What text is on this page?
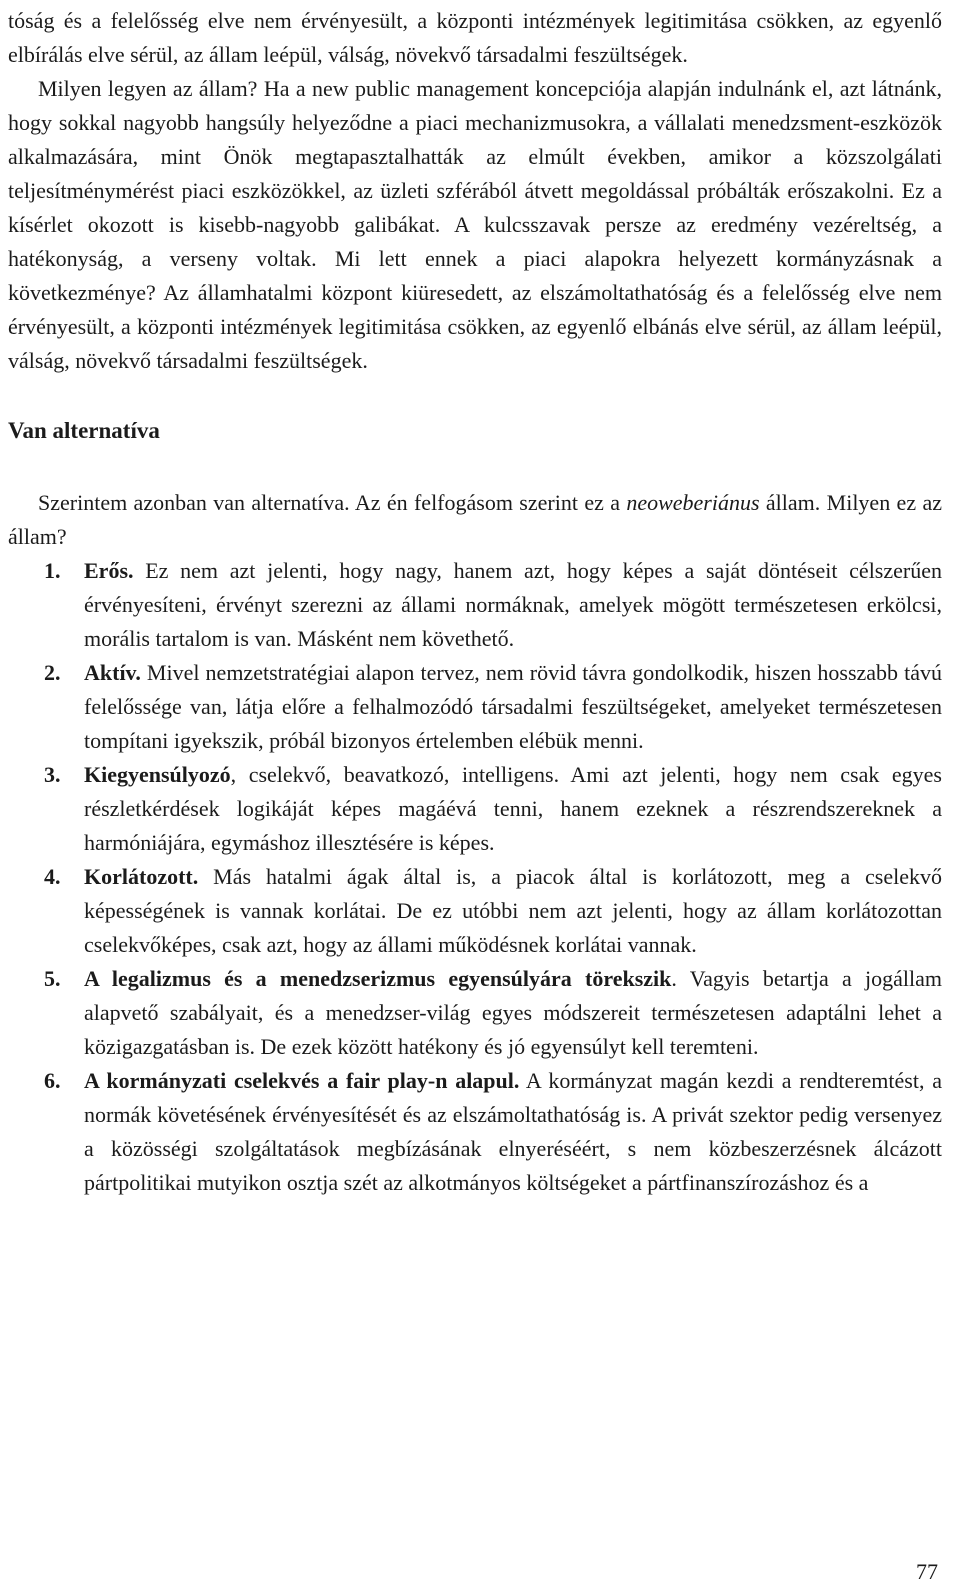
tóság és a felelősség elve nem érvényesült, a központi intézmények legitimitása csökken, az egyenlő elbírálás elve sérül, az állam leépül, válság, növekvő társadalmi feszültségek.

Milyen legyen az állam? Ha a new public management koncepciója alapján indulnánk el, azt látnánk, hogy sokkal nagyobb hangsúly helyeződne a piaci mechanizmusokra, a vállalati menedzsment-eszközök alkalmazására, mint Önök megtapasztalhatták az elmúlt években, amikor a közszolgálati teljesítménymérést piaci eszközökkel, az üzleti szférából átvett megoldással próbálták erőszakolni. Ez a kísérlet okozott is kisebb-nagyobb galibákat. A kulcsszavak persze az eredmény vezéreltség, a hatékonyság, a verseny voltak. Mi lett ennek a piaci alapokra helyezett kormányzásnak a következménye? Az államhatalmi központ kiüresedett, az elszámoltathatóság és a felelősség elve nem érvényesült, a központi intézmények legitimitása csökken, az egyenlő elbánás elve sérül, az állam leépül, válság, növekvő társadalmi feszültségek.

Van alternatíva

Szerintem azonban van alternatíva. Az én felfogásom szerint ez a neoweberiánus állam. Milyen ez az állam?

1. Erős. Ez nem azt jelenti, hogy nagy, hanem azt, hogy képes a saját döntéseit célszerűen érvényesíteni, érvényt szerezni az állami normáknak, amelyek mögött természetesen erkölcsi, morális tartalom is van. Másként nem követhető.
2. Aktív. Mivel nemzetstratégiai alapon tervez, nem rövid távra gondolkodik, hiszen hosszabb távú felelőssége van, látja előre a felhalmozódó társadalmi feszültségeket, amelyeket természetesen tompítani igyekszik, próbál bizonyos értelemben elébük menni.
3. Kiegyensúlyozó, cselekvő, beavatkozó, intelligens. Ami azt jelenti, hogy nem csak egyes részletkérdések logikáját képes magáévá tenni, hanem ezeknek a részrendszereknek a harmóniájára, egymáshoz illesztésére is képes.
4. Korlátozott. Más hatalmi ágak által is, a piacok által is korlátozott, meg a cselekvő képességének is vannak korlátai. De ez utóbbi nem azt jelenti, hogy az állam korlátozottan cselekvőképes, csak azt, hogy az állami működésnek korlátai vannak.
5. A legalizmus és a menedzserizmus egyensúlyára törekszik. Vagyis betartja a jogállam alapvető szabályait, és a menedzser-világ egyes módszereit természetesen adaptálni lehet a közigazgatásban is. De ezek között hatékony és jó egyensúlyt kell teremteni.
6. A kormányzati cselekvés a fair play-n alapul. A kormányzat magán kezdi a rendteremtést, a normák követésének érvényesítését és az elszámoltathatóság is. A privát szektor pedig versenyez a közösségi szolgáltatások megbízásának elnyeréséért, s nem közbeszerzésnek álcázott pártpolitikai mutyikon osztja szét az alkotmányos költségeket a pártfinanszírozáshoz és a
77
